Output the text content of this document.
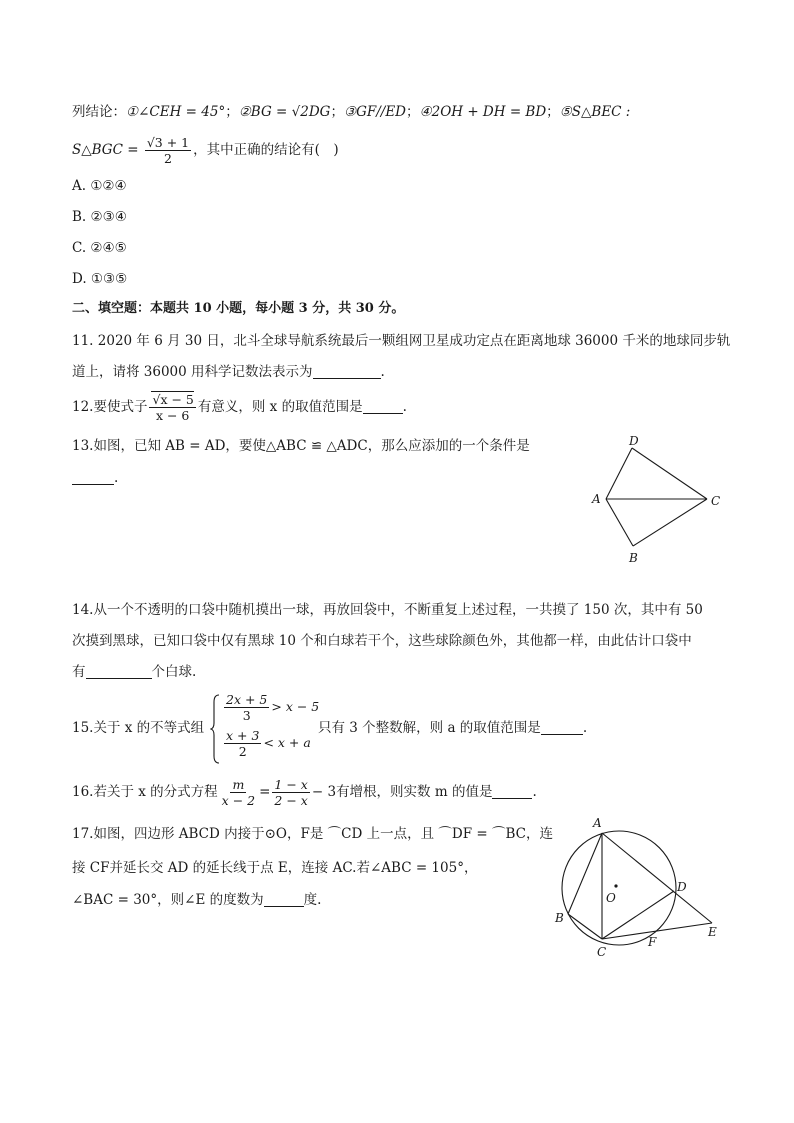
列结论：①∠CEH = 45°；②BG = √2DG；③GF//ED；④2OH + DH = BD；⑤S△BEC :
S△BGC = $\frac{√3 + 1}{2}$ ，其中正确的结论有(　)
A. ①②④
B. ②③④
C. ②④⑤
D. ①③⑤
二、填空题：本题共 10 小题，每小题 3 分，共 30 分。
11. 2020 年 6 月 30 日，北斗全球导航系统最后一颗组网卫星成功定点在距离地球 36000 千米的地球同步轨
道上，请将 36000 用科学记数法表示为	.
12.要使式子 $\frac{√x - 5}{x - 6}$ 有意义，则 x 的取值范围是	.
13.如图，已知 AB = AD，要使△ABC ≌ △ADC，那么应添加的一个条件是
.
D
A	C
B
14.从一个不透明的口袋中随机摸出一球，再放回袋中，不断重复上述过程，一共摸了 150 次，其中有 50
次摸到黑球，已知口袋中仅有黑球 10 个和白球若干个，这些球除颜色外，其他都一样，由此估计口袋中
有	个白球.
15.关于 x 的不等式组
$\frac{2x + 5}{3} > x - 5$
$\frac{x + 3}{2} < x + a$
只有 3 个整数解，则 a 的取值范围是	.
16.若关于 x 的分式方程 $\frac{m}{x - 2} = \frac{1 - x}{2 - x} - 3$有增根，则实数 m 的值是	.
17.如图，四边形 ABCD 内接于⊙O，F是 ⌒CD 上一点，且 ⌒DF = ⌒BC，连
接 CF并延长交 AD 的延长线于点 E，连接 AC.若∠ABC = 105°，
∠BAC = 30°，则∠E 的度数为	度.
A
B
C
D
E
F
O
